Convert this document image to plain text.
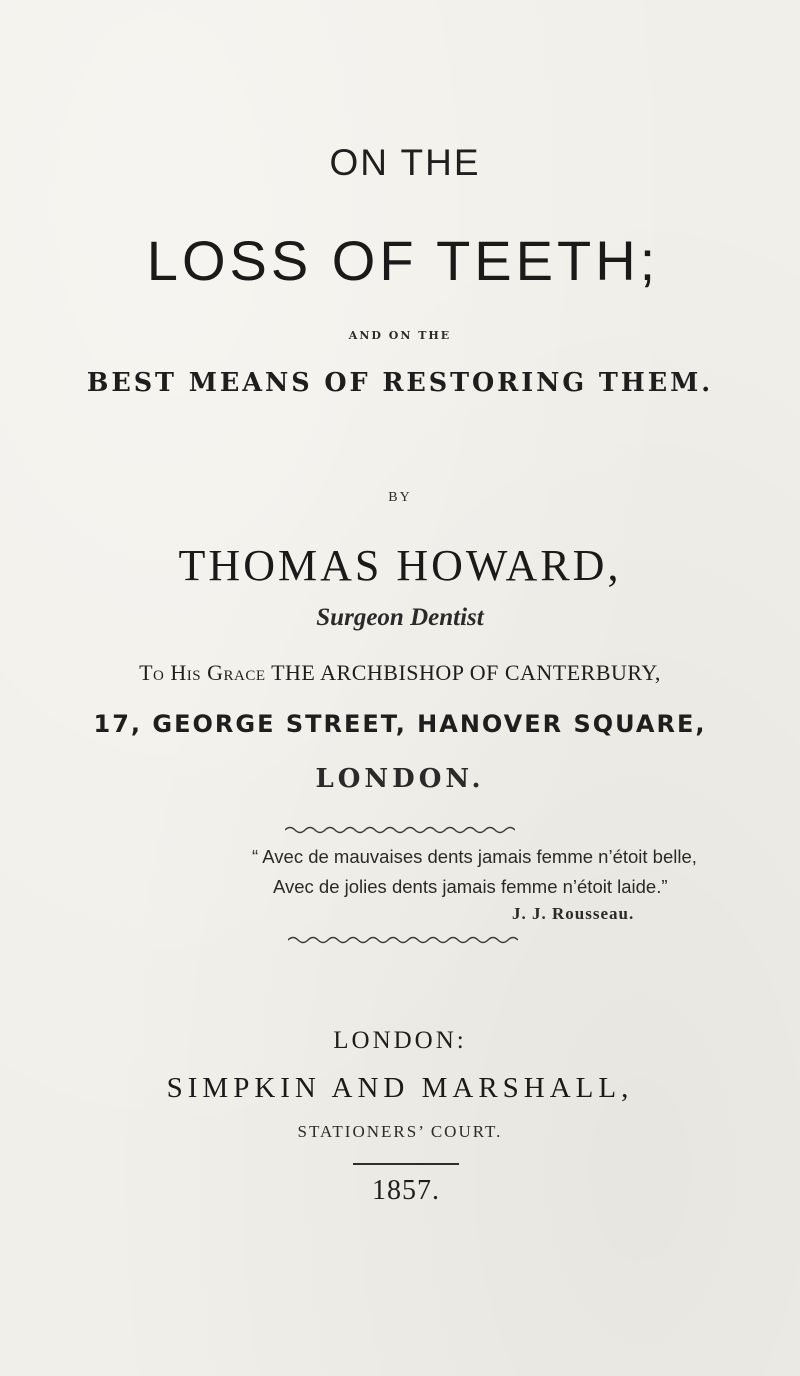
ON THE
LOSS OF TEETH;
AND ON THE
BEST MEANS OF RESTORING THEM.
BY
THOMAS HOWARD,
Surgeon Dentist
To His Grace THE ARCHBISHOP OF CANTERBURY,
17, GEORGE STREET, HANOVER SQUARE,
LONDON.
“ Avec de mauvaises dents jamais femme n’étoit belle,
Avec de jolies dents jamais femme n’étoit laide.”
J. J. Rousseau.
LONDON:
SIMPKIN AND MARSHALL,
STATIONERS’ COURT.
1857.
